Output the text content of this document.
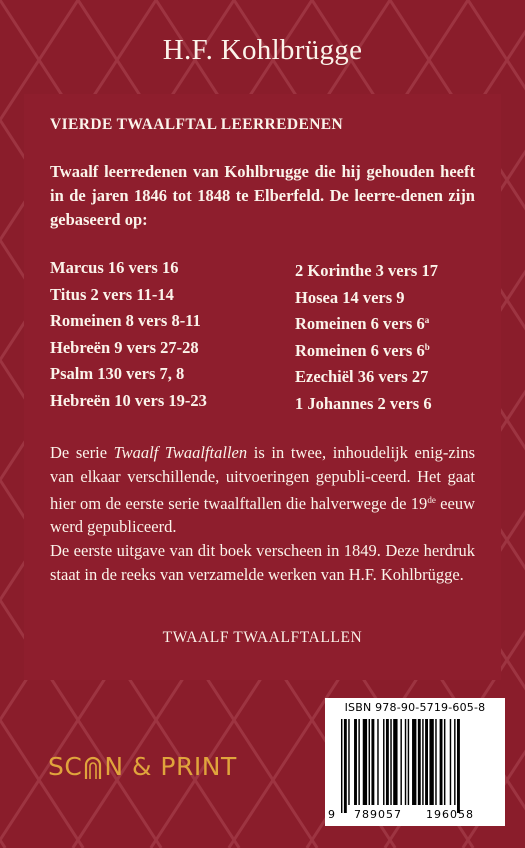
H.F. Kohlbrügge
VIERDE TWAALFTAL LEERREDENEN
Twaalf leerredenen van Kohlbrugge die hij gehouden heeft in de jaren 1846 tot 1848 te Elberfeld. De leerre-denen zijn gebaseerd op:
Marcus 16 vers 16	2 Korinthe 3 vers 17
Titus 2 vers 11-14	Hosea 14 vers 9
Romeinen 8 vers 8-11	Romeinen 6 vers 6$^a$
Hebreën 9 vers 27-28	Romeinen 6 vers 6$^b$
Psalm 130 vers 7, 8	Ezechiël 36 vers 27
Hebreën 10 vers 19-23	1 Johannes 2 vers 6

De serie Twaalf Twaalftallen is in twee, inhoudelijk enig-zins van elkaar verschillende, uitvoeringen gepubli-ceerd. Het gaat hier om de eerste serie twaalftallen die halverwege de 19de eeuw werd gepubliceerd.

De eerste uitgave van dit boek verscheen in 1849. Deze herdruk staat in de reeks van verzamelde werken van H.F. Kohlbrügge.

TWAALF TWAALFTALLEN
SC N & PRINT
ISBN 978-90-5719-605-8
9 789057 196058
